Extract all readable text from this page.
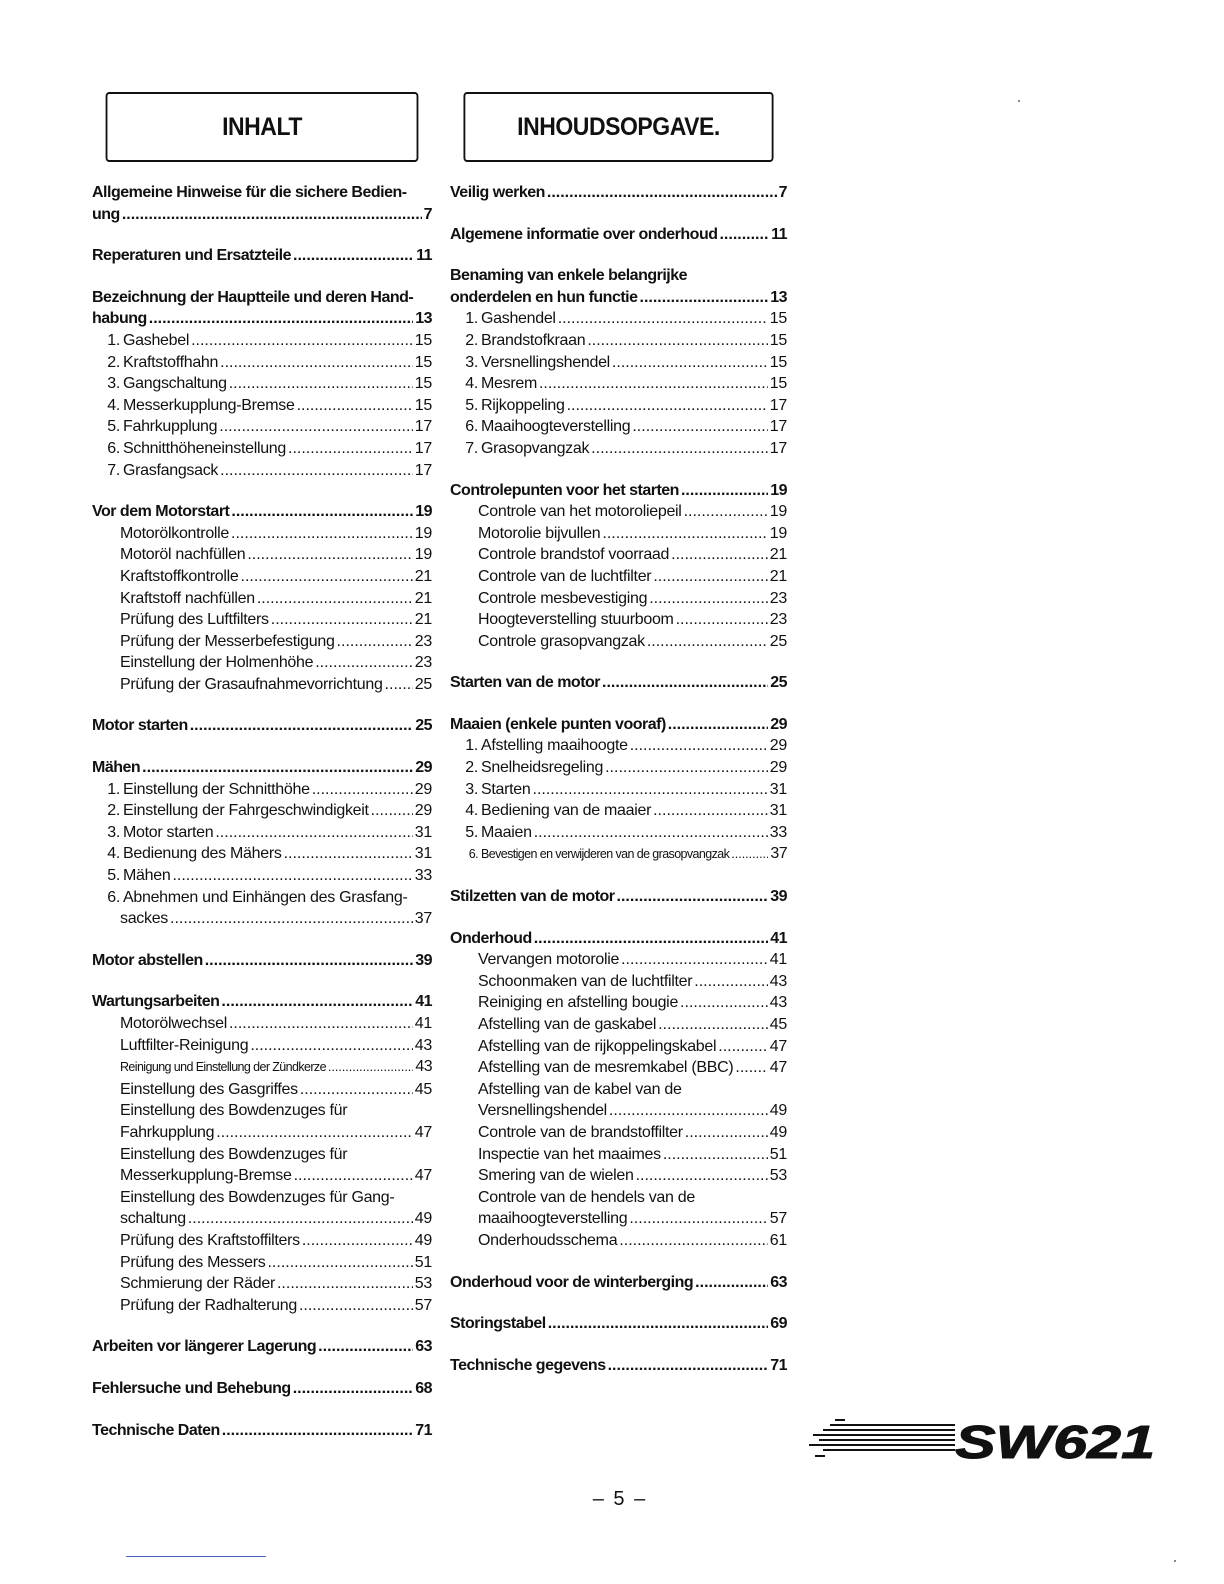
INHALT
Allgemeine Hinweise für die sichere Bedien-
ung .....	7
Reperaturen und Ersatzteile .....	11
Bezeichnung der Hauptteile und deren Hand-
habung .....	13
1. Gashebel .....	15
2. Kraftstoffhahn .....	15
3. Gangschaltung .....	15
4. Messerkupplung-Bremse .....	15
5. Fahrkupplung .....	17
6. Schnitthöheneinstellung .....	17
7. Grasfangsack .....	17
Vor dem Motorstart .....	19
Motorölkontrolle .....	19
Motoröl nachfüllen .....	19
Kraftstoffkontrolle .....	21
Kraftstoff nachfüllen .....	21
Prüfung des Luftfilters .....	21
Prüfung der Messerbefestigung .....	23
Einstellung der Holmenhöhe .....	23
Prüfung der Grasaufnahmevorrichtung ..... 25
Motor starten .....	25
Mähen .....	29
1. Einstellung der Schnitthöhe .....	29
2. Einstellung der Fahrgeschwindigkeit .....	29
3. Motor starten .....	31
4. Bedienung des Mähers .....	31
5. Mähen .....	33
6. Abnehmen und Einhängen des Grasfang-
sackes .....	37
Motor abstellen .....	39
Wartungsarbeiten .....	41
Motorölwechsel .....	41
Luftfilter-Reinigung .....	43
Reinigung und Einstellung der Zündkerze .....	43
Einstellung des Gasgriffes .....	45
Einstellung des Bowdenzuges für
Fahrkupplung .....	47
Einstellung des Bowdenzuges für
Messerkupplung-Bremse .....	47
Einstellung des Bowdenzuges für Gang-
schaltung .....	49
Prüfung des Kraftstoffilters .....	49
Prüfung des Messers .....	51
Schmierung der Räder .....	53
Prüfung der Radhalterung .....	57
Arbeiten vor längerer Lagerung .....	63
Fehlersuche und Behebung .....	68
Technische Daten .....	71
INHOUDSOPGAVE.
Veilig werken .....	7
Algemene informatie over onderhoud .....	11
Benaming van enkele belangrijke
onderdelen en hun functie .....	13
1. Gashendel .....	15
2. Brandstofkraan .....	15
3. Versnellingshendel .....	15
4. Mesrem .....	15
5. Rijkoppeling .....	17
6. Maaihoogteverstelling .....	17
7. Grasopvangzak .....	17
Controlepunten voor het starten .....	19
Controle van het motoroliepeil .....	19
Motorolie bijvullen .....	19
Controle brandstof voorraad .....	21
Controle van de luchtfilter .....	21
Controle mesbevestiging .....	23
Hoogteverstelling stuurboom .....	23
Controle grasopvangzak .....	25
Starten van de motor .....	25
Maaien (enkele punten vooraf) .....	29
1. Afstelling maaihoogte .....	29
2. Snelheidsregeling .....	29
3. Starten .....	31
4. Bediening van de maaier .....	31
5. Maaien .....	33
6. Bevestigen en verwijderen van de grasopvangzak .....	37
Stilzetten van de motor .....	39
Onderhoud .....	41
Vervangen motorolie .....	41
Schoonmaken van de luchtfilter .....	43
Reiniging en afstelling bougie .....	43
Afstelling van de gaskabel .....	45
Afstelling van de rijkoppelingskabel .....	47
Afstelling van de mesremkabel (BBC) ..... 47
Afstelling van de kabel van de
Versnellingshendel .....	49
Controle van de brandstoffilter .....	49
Inspectie van het maaimes .....	51
Smering van de wielen .....	53
Controle van de hendels van de
maaihoogteverstelling .....	57
Onderhoudsschema .....	61
Onderhoud voor de winterberging .....	63
Storingstabel .....	69
Technische gegevens .....	71
– 5 –
SW621
